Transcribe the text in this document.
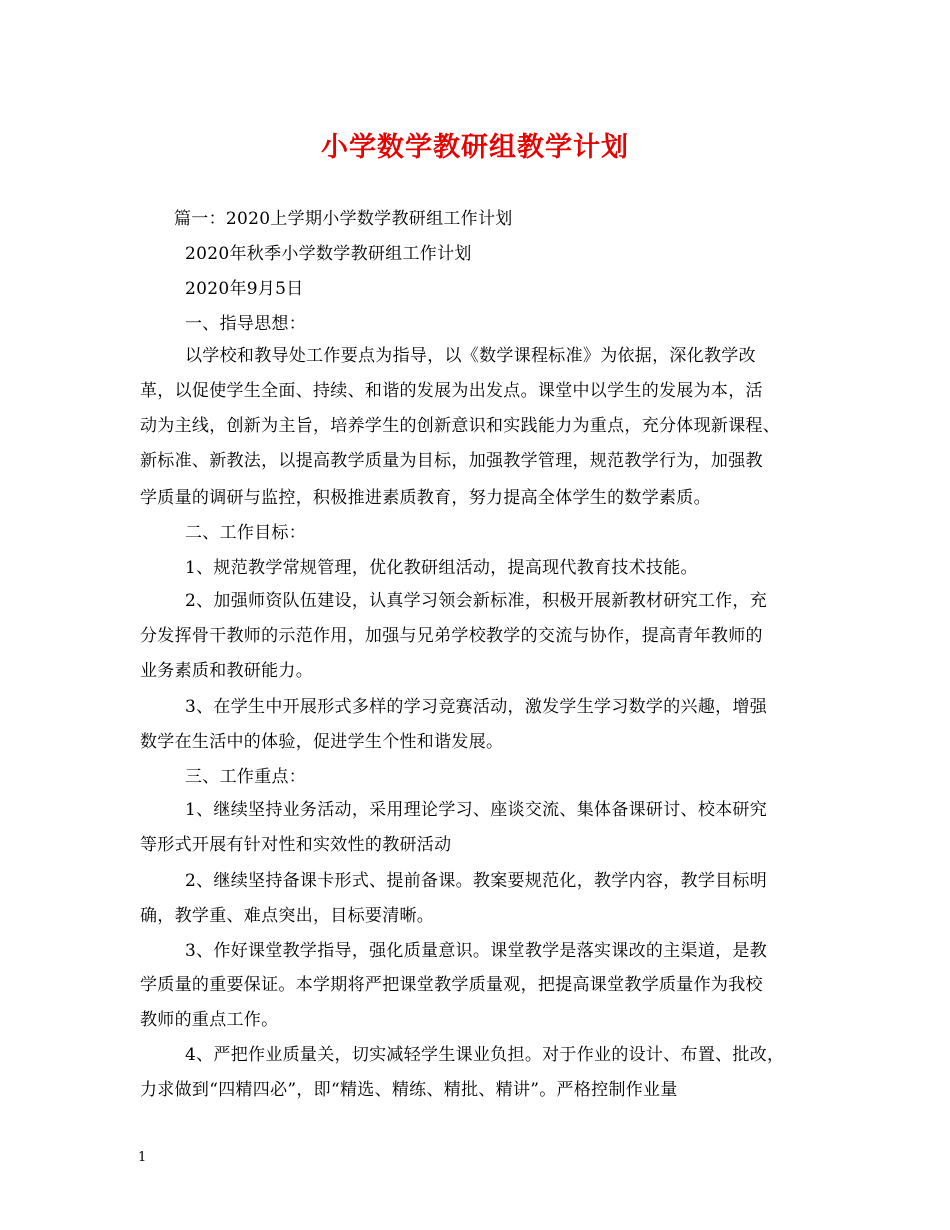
小学数学教研组教学计划
篇一：2020上学期小学数学教研组工作计划
2020年秋季小学数学教研组工作计划
2020年9月5日
一、指导思想：
以学校和教导处工作要点为指导，以《数学课程标准》为依据，深化教学改
革，以促使学生全面、持续、和谐的发展为出发点。课堂中以学生的发展为本，活
动为主线，创新为主旨，培养学生的创新意识和实践能力为重点，充分体现新课程、
新标准、新教法，以提高教学质量为目标，加强教学管理，规范教学行为，加强教
学质量的调研与监控，积极推进素质教育，努力提高全体学生的数学素质。
二、工作目标：
1、规范教学常规管理，优化教研组活动，提高现代教育技术技能。
2、加强师资队伍建设，认真学习领会新标准，积极开展新教材研究工作，充
分发挥骨干教师的示范作用，加强与兄弟学校教学的交流与协作，提高青年教师的
业务素质和教研能力。
3、在学生中开展形式多样的学习竞赛活动，激发学生学习数学的兴趣，增强
数学在生活中的体验，促进学生个性和谐发展。
三、工作重点：
1、继续坚持业务活动，采用理论学习、座谈交流、集体备课研讨、校本研究
等形式开展有针对性和实效性的教研活动
2、继续坚持备课卡形式、提前备课。教案要规范化，教学内容，教学目标明
确，教学重、难点突出，目标要清晰。
3、作好课堂教学指导，强化质量意识。课堂教学是落实课改的主渠道，是教
学质量的重要保证。本学期将严把课堂教学质量观，把提高课堂教学质量作为我校
教师的重点工作。
4、严把作业质量关，切实减轻学生课业负担。对于作业的设计、布置、批改，
力求做到“四精四必”，即“精选、精练、精批、精讲”。严格控制作业量
1
